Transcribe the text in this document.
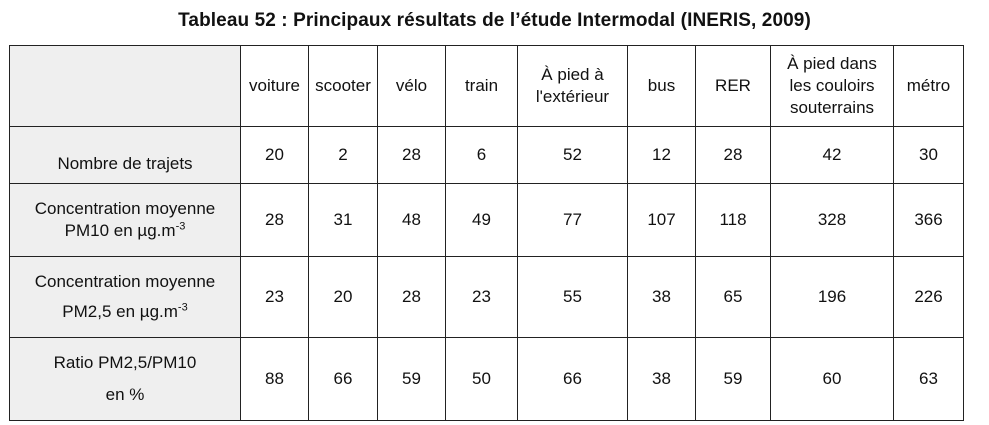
Tableau 52 : Principaux résultats de l’étude Intermodal (INERIS, 2009)
	voiture	scooter	vélo	train	À pied à l'extérieur	bus	RER	À pied dans les couloirs souterrains	métro
Nombre de trajets	20	2	28	6	52	12	28	42	30
Concentration moyenne
PM10 en $\mu g.m^{-3}$	28	31	48	49	77	107	118	328	366
Concentration moyenne
PM2,5 en $\mu g.m^{-3}$	23	20	28	23	55	38	65	196	226
Ratio PM2,5/PM10
en %	88	66	59	50	66	38	59	60	63
